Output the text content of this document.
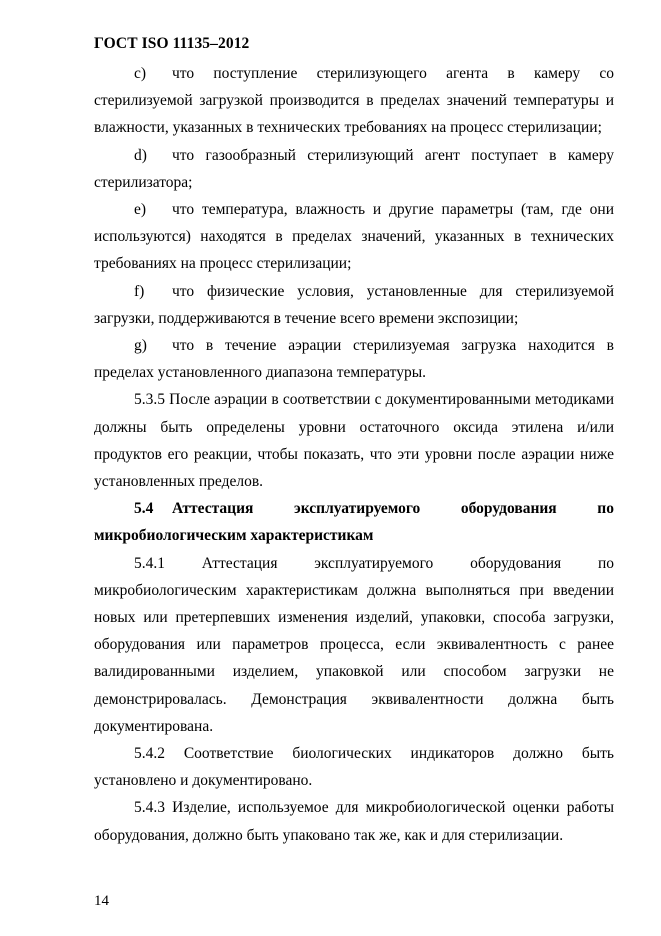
ГОСТ ISO 11135–2012

c) что поступление стерилизующего агента в камеру со стерилизуемой загрузкой производится в пределах значений температуры и влажности, указанных в технических требованиях на процесс стерилизации;

d) что газообразный стерилизующий агент поступает в камеру стерилизатора;

e) что температура, влажность и другие параметры (там, где они используются) находятся в пределах значений, указанных в технических требованиях на процесс стерилизации;

f) что физические условия, установленные для стерилизуемой загрузки, поддерживаются в течение всего времени экспозиции;

g) что в течение аэрации стерилизуемая загрузка находится в пределах установленного диапазона температуры.

5.3.5 После аэрации в соответствии с документированными методиками должны быть определены уровни остаточного оксида этилена и/или продуктов его реакции, чтобы показать, что эти уровни после аэрации ниже установленных пределов.

5.4 Аттестация эксплуатируемого оборудования по микробиологическим характеристикам

5.4.1 Аттестация эксплуатируемого оборудования по микробиологическим характеристикам должна выполняться при введении новых или претерпевших изменения изделий, упаковки, способа загрузки, оборудования или параметров процесса, если эквивалентность с ранее валидированными изделием, упаковкой или способом загрузки не демонстрировалась. Демонстрация эквивалентности должна быть документирована.

5.4.2 Соответствие биологических индикаторов должно быть установлено и документировано.

5.4.3 Изделие, используемое для микробиологической оценки работы оборудования, должно быть упаковано так же, как и для стерилизации.

14
